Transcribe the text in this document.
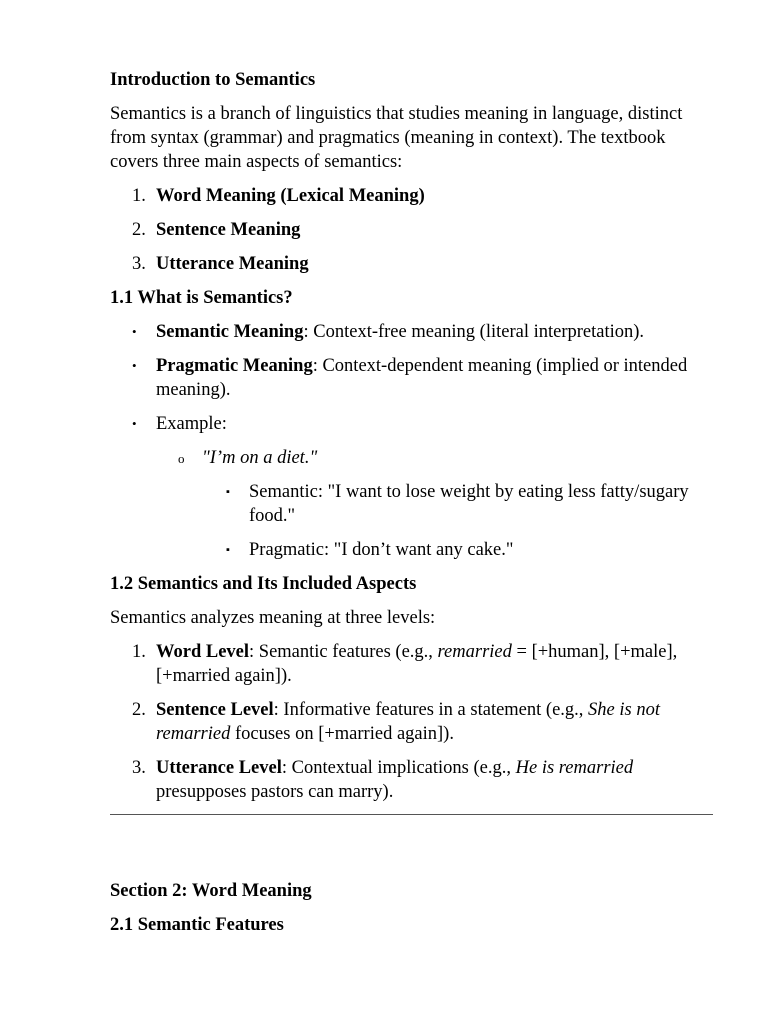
Introduction to Semantics

Semantics is a branch of linguistics that studies meaning in language, distinct from syntax (grammar) and pragmatics (meaning in context). The textbook covers three main aspects of semantics:

1. Word Meaning (Lexical Meaning)
2. Sentence Meaning
3. Utterance Meaning
1.1 What is Semantics?
• Semantic Meaning: Context-free meaning (literal interpretation).
• Pragmatic Meaning: Context-dependent meaning (implied or intended meaning).
• Example:
o "I’m on a diet."
▪ Semantic: "I want to lose weight by eating less fatty/sugary food."
▪ Pragmatic: "I don’t want any cake."
1.2 Semantics and Its Included Aspects

Semantics analyzes meaning at three levels:

1. Word Level: Semantic features (e.g., remarried = [+human], [+male], [+married again]).
2. Sentence Level: Informative features in a statement (e.g., She is not remarried focuses on [+married again]).
3. Utterance Level: Contextual implications (e.g., He is remarried presupposes pastors can marry).
Section 2: Word Meaning
2.1 Semantic Features
